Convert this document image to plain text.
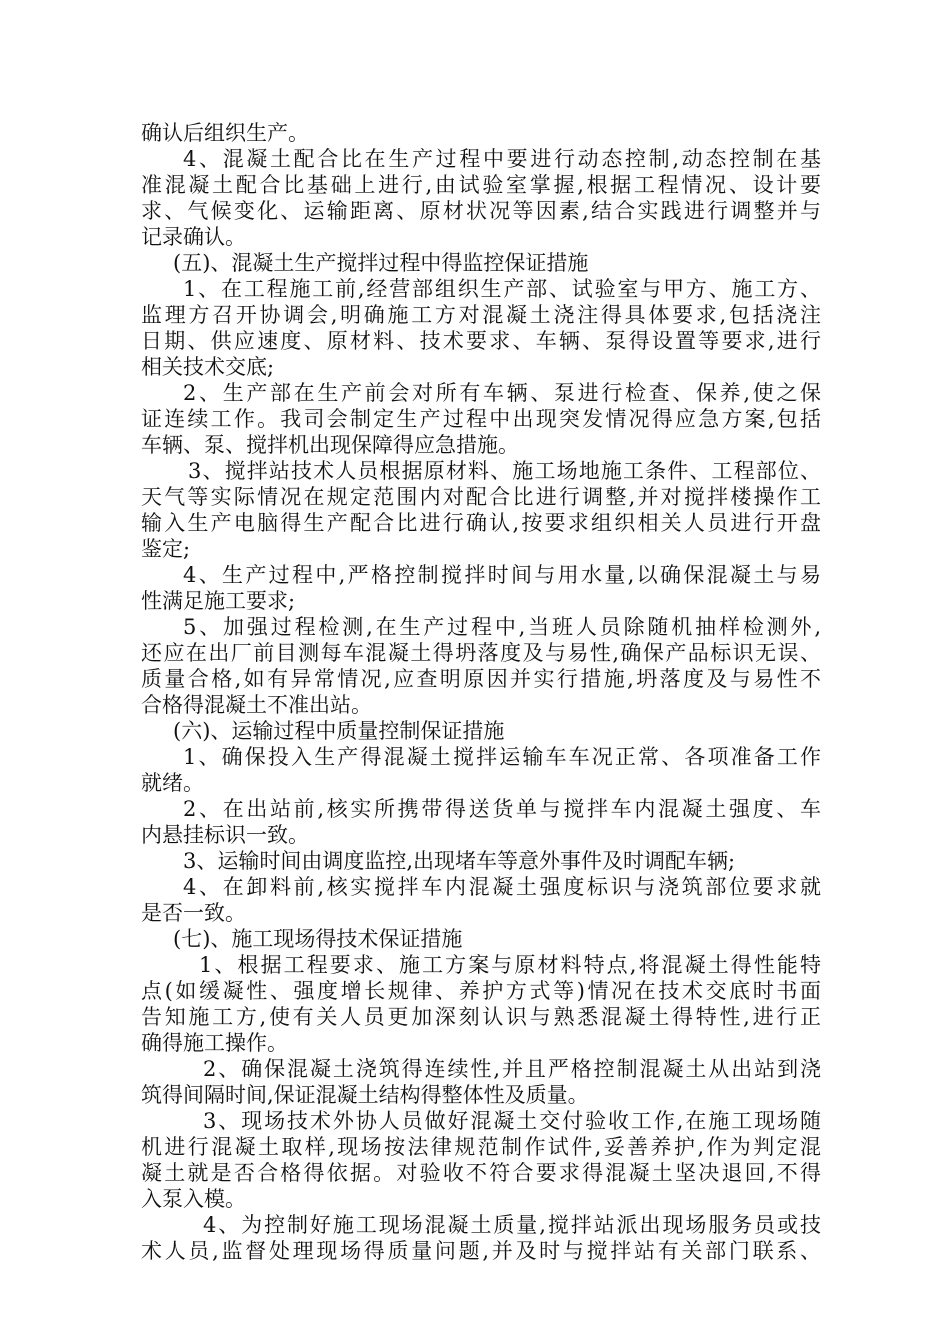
确认后组织生产。
4、混凝土配合比在生产过程中要进行动态控制,动态控制在基
准混凝土配合比基础上进行,由试验室掌握,根据工程情况、设计要
求、气候变化、运输距离、原材状况等因素,结合实践进行调整并与
记录确认。
(五)、混凝土生产搅拌过程中得监控保证措施
1、在工程施工前,经营部组织生产部、试验室与甲方、施工方、
监理方召开协调会,明确施工方对混凝土浇注得具体要求,包括浇注
日期、供应速度、原材料、技术要求、车辆、泵得设置等要求,进行
相关技术交底;
2、生产部在生产前会对所有车辆、泵进行检查、保养,使之保
证连续工作。我司会制定生产过程中出现突发情况得应急方案,包括
车辆、泵、搅拌机出现保障得应急措施。
3、搅拌站技术人员根据原材料、施工场地施工条件、工程部位、
天气等实际情况在规定范围内对配合比进行调整,并对搅拌楼操作工
输入生产电脑得生产配合比进行确认,按要求组织相关人员进行开盘
鉴定;
4、生产过程中,严格控制搅拌时间与用水量,以确保混凝土与易
性满足施工要求;
5、加强过程检测,在生产过程中,当班人员除随机抽样检测外,
还应在出厂前目测每车混凝土得坍落度及与易性,确保产品标识无误、
质量合格,如有异常情况,应查明原因并实行措施,坍落度及与易性不
合格得混凝土不准出站。
(六)、运输过程中质量控制保证措施
1、确保投入生产得混凝土搅拌运输车车况正常、各项准备工作
就绪。
2、在出站前,核实所携带得送货单与搅拌车内混凝土强度、车
内悬挂标识一致。
3、运输时间由调度监控,出现堵车等意外事件及时调配车辆;
4、在卸料前,核实搅拌车内混凝土强度标识与浇筑部位要求就
是否一致。
(七)、施工现场得技术保证措施
1、根据工程要求、施工方案与原材料特点,将混凝土得性能特
点(如缓凝性、强度增长规律、养护方式等)情况在技术交底时书面
告知施工方,使有关人员更加深刻认识与熟悉混凝土得特性,进行正
确得施工操作。
2、确保混凝土浇筑得连续性,并且严格控制混凝土从出站到浇
筑得间隔时间,保证混凝土结构得整体性及质量。
3、现场技术外协人员做好混凝土交付验收工作,在施工现场随
机进行混凝土取样,现场按法律规范制作试件,妥善养护,作为判定混
凝土就是否合格得依据。对验收不符合要求得混凝土坚决退回,不得
入泵入模。
4、为控制好施工现场混凝土质量,搅拌站派出现场服务员或技
术人员,监督处理现场得质量问题,并及时与搅拌站有关部门联系、
